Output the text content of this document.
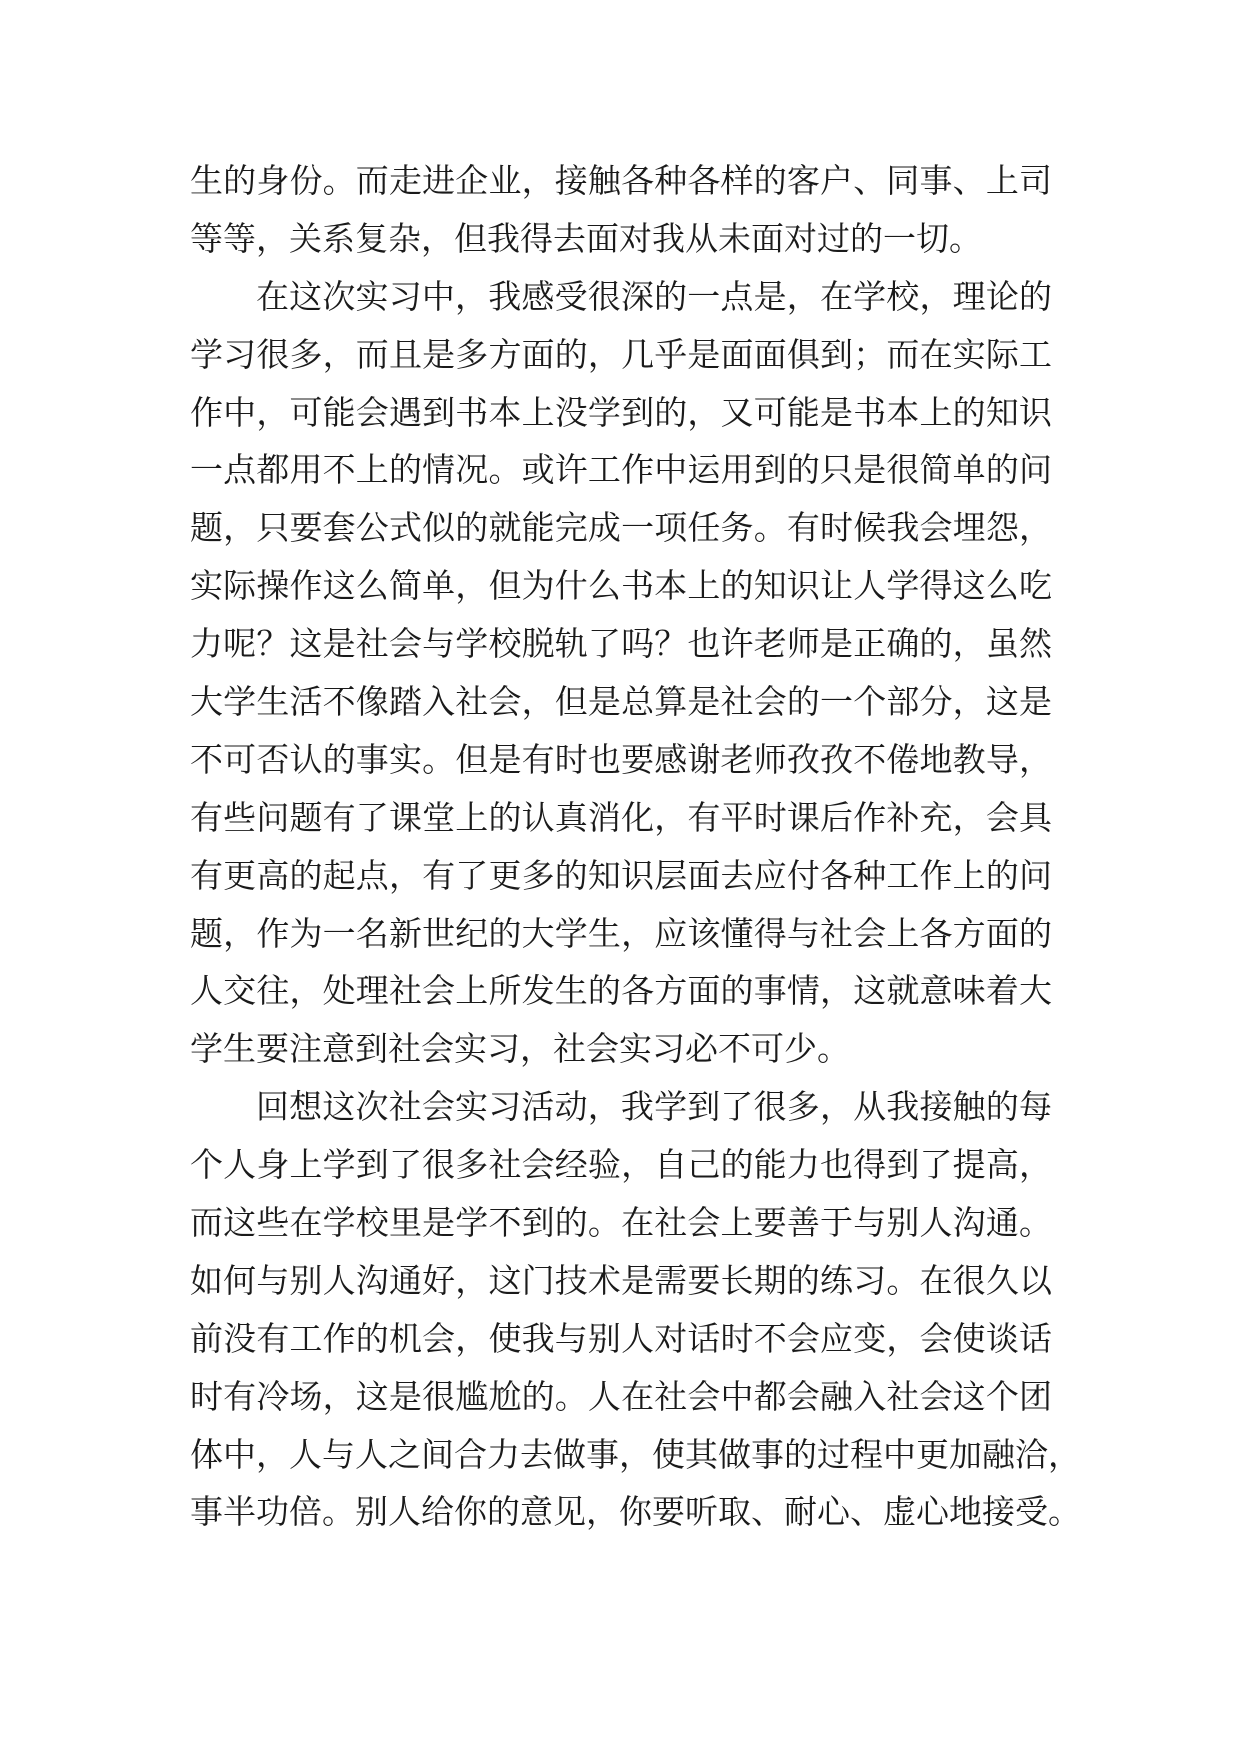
生的身份。而走进企业，接触各种各样的客户、同事、上司
等等，关系复杂，但我得去面对我从未面对过的一切。
在这次实习中，我感受很深的一点是，在学校，理论的
学习很多，而且是多方面的，几乎是面面俱到；而在实际工
作中，可能会遇到书本上没学到的，又可能是书本上的知识
一点都用不上的情况。或许工作中运用到的只是很简单的问
题，只要套公式似的就能完成一项任务。有时候我会埋怨，
实际操作这么简单，但为什么书本上的知识让人学得这么吃
力呢？这是社会与学校脱轨了吗？也许老师是正确的，虽然
大学生活不像踏入社会，但是总算是社会的一个部分，这是
不可否认的事实。但是有时也要感谢老师孜孜不倦地教导，
有些问题有了课堂上的认真消化，有平时课后作补充，会具
有更高的起点，有了更多的知识层面去应付各种工作上的问
题，作为一名新世纪的大学生，应该懂得与社会上各方面的
人交往，处理社会上所发生的各方面的事情，这就意味着大
学生要注意到社会实习，社会实习必不可少。
回想这次社会实习活动，我学到了很多，从我接触的每
个人身上学到了很多社会经验，自己的能力也得到了提高，
而这些在学校里是学不到的。在社会上要善于与别人沟通。
如何与别人沟通好，这门技术是需要长期的练习。在很久以
前没有工作的机会，使我与别人对话时不会应变，会使谈话
时有冷场，这是很尴尬的。人在社会中都会融入社会这个团
体中，人与人之间合力去做事，使其做事的过程中更加融洽，
事半功倍。别人给你的意见，你要听取、耐心、虚心地接受。
